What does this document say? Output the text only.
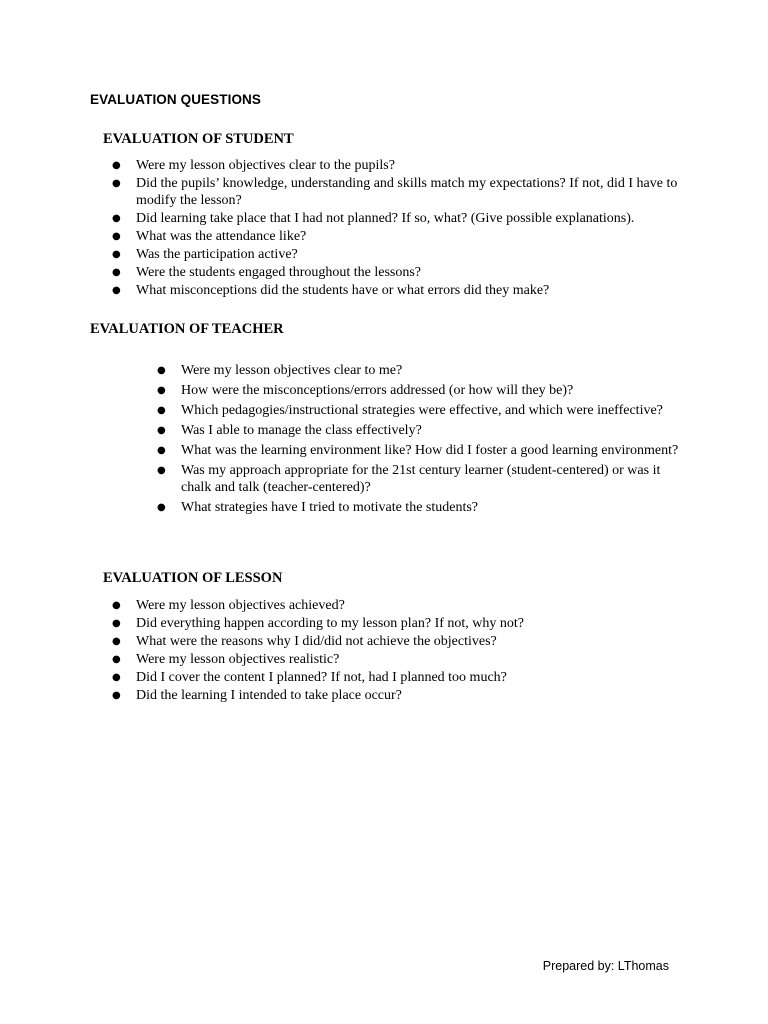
EVALUATION QUESTIONS
EVALUATION OF STUDENT
● Were my lesson objectives clear to the pupils?
● Did the pupils’ knowledge, understanding and skills match my expectations? If not, did I have to modify the lesson?
● Did learning take place that I had not planned? If so, what? (Give possible explanations).
● What was the attendance like?
● Was the participation active?
● Were the students engaged throughout the lessons?
● What misconceptions did the students have or what errors did they make?
EVALUATION OF TEACHER
● Were my lesson objectives clear to me?
● How were the misconceptions/errors addressed (or how will they be)?
● Which pedagogies/instructional strategies were effective, and which were ineffective?
● Was I able to manage the class effectively?
● What was the learning environment like? How did I foster a good learning environment?
● Was my approach appropriate for the 21st century learner (student-centered) or was it chalk and talk (teacher-centered)?
● What strategies have I tried to motivate the students?
EVALUATION OF LESSON
● Were my lesson objectives achieved?
● Did everything happen according to my lesson plan? If not, why not?
● What were the reasons why I did/did not achieve the objectives?
● Were my lesson objectives realistic?
● Did I cover the content I planned? If not, had I planned too much?
● Did the learning I intended to take place occur?

Prepared by: LThomas
